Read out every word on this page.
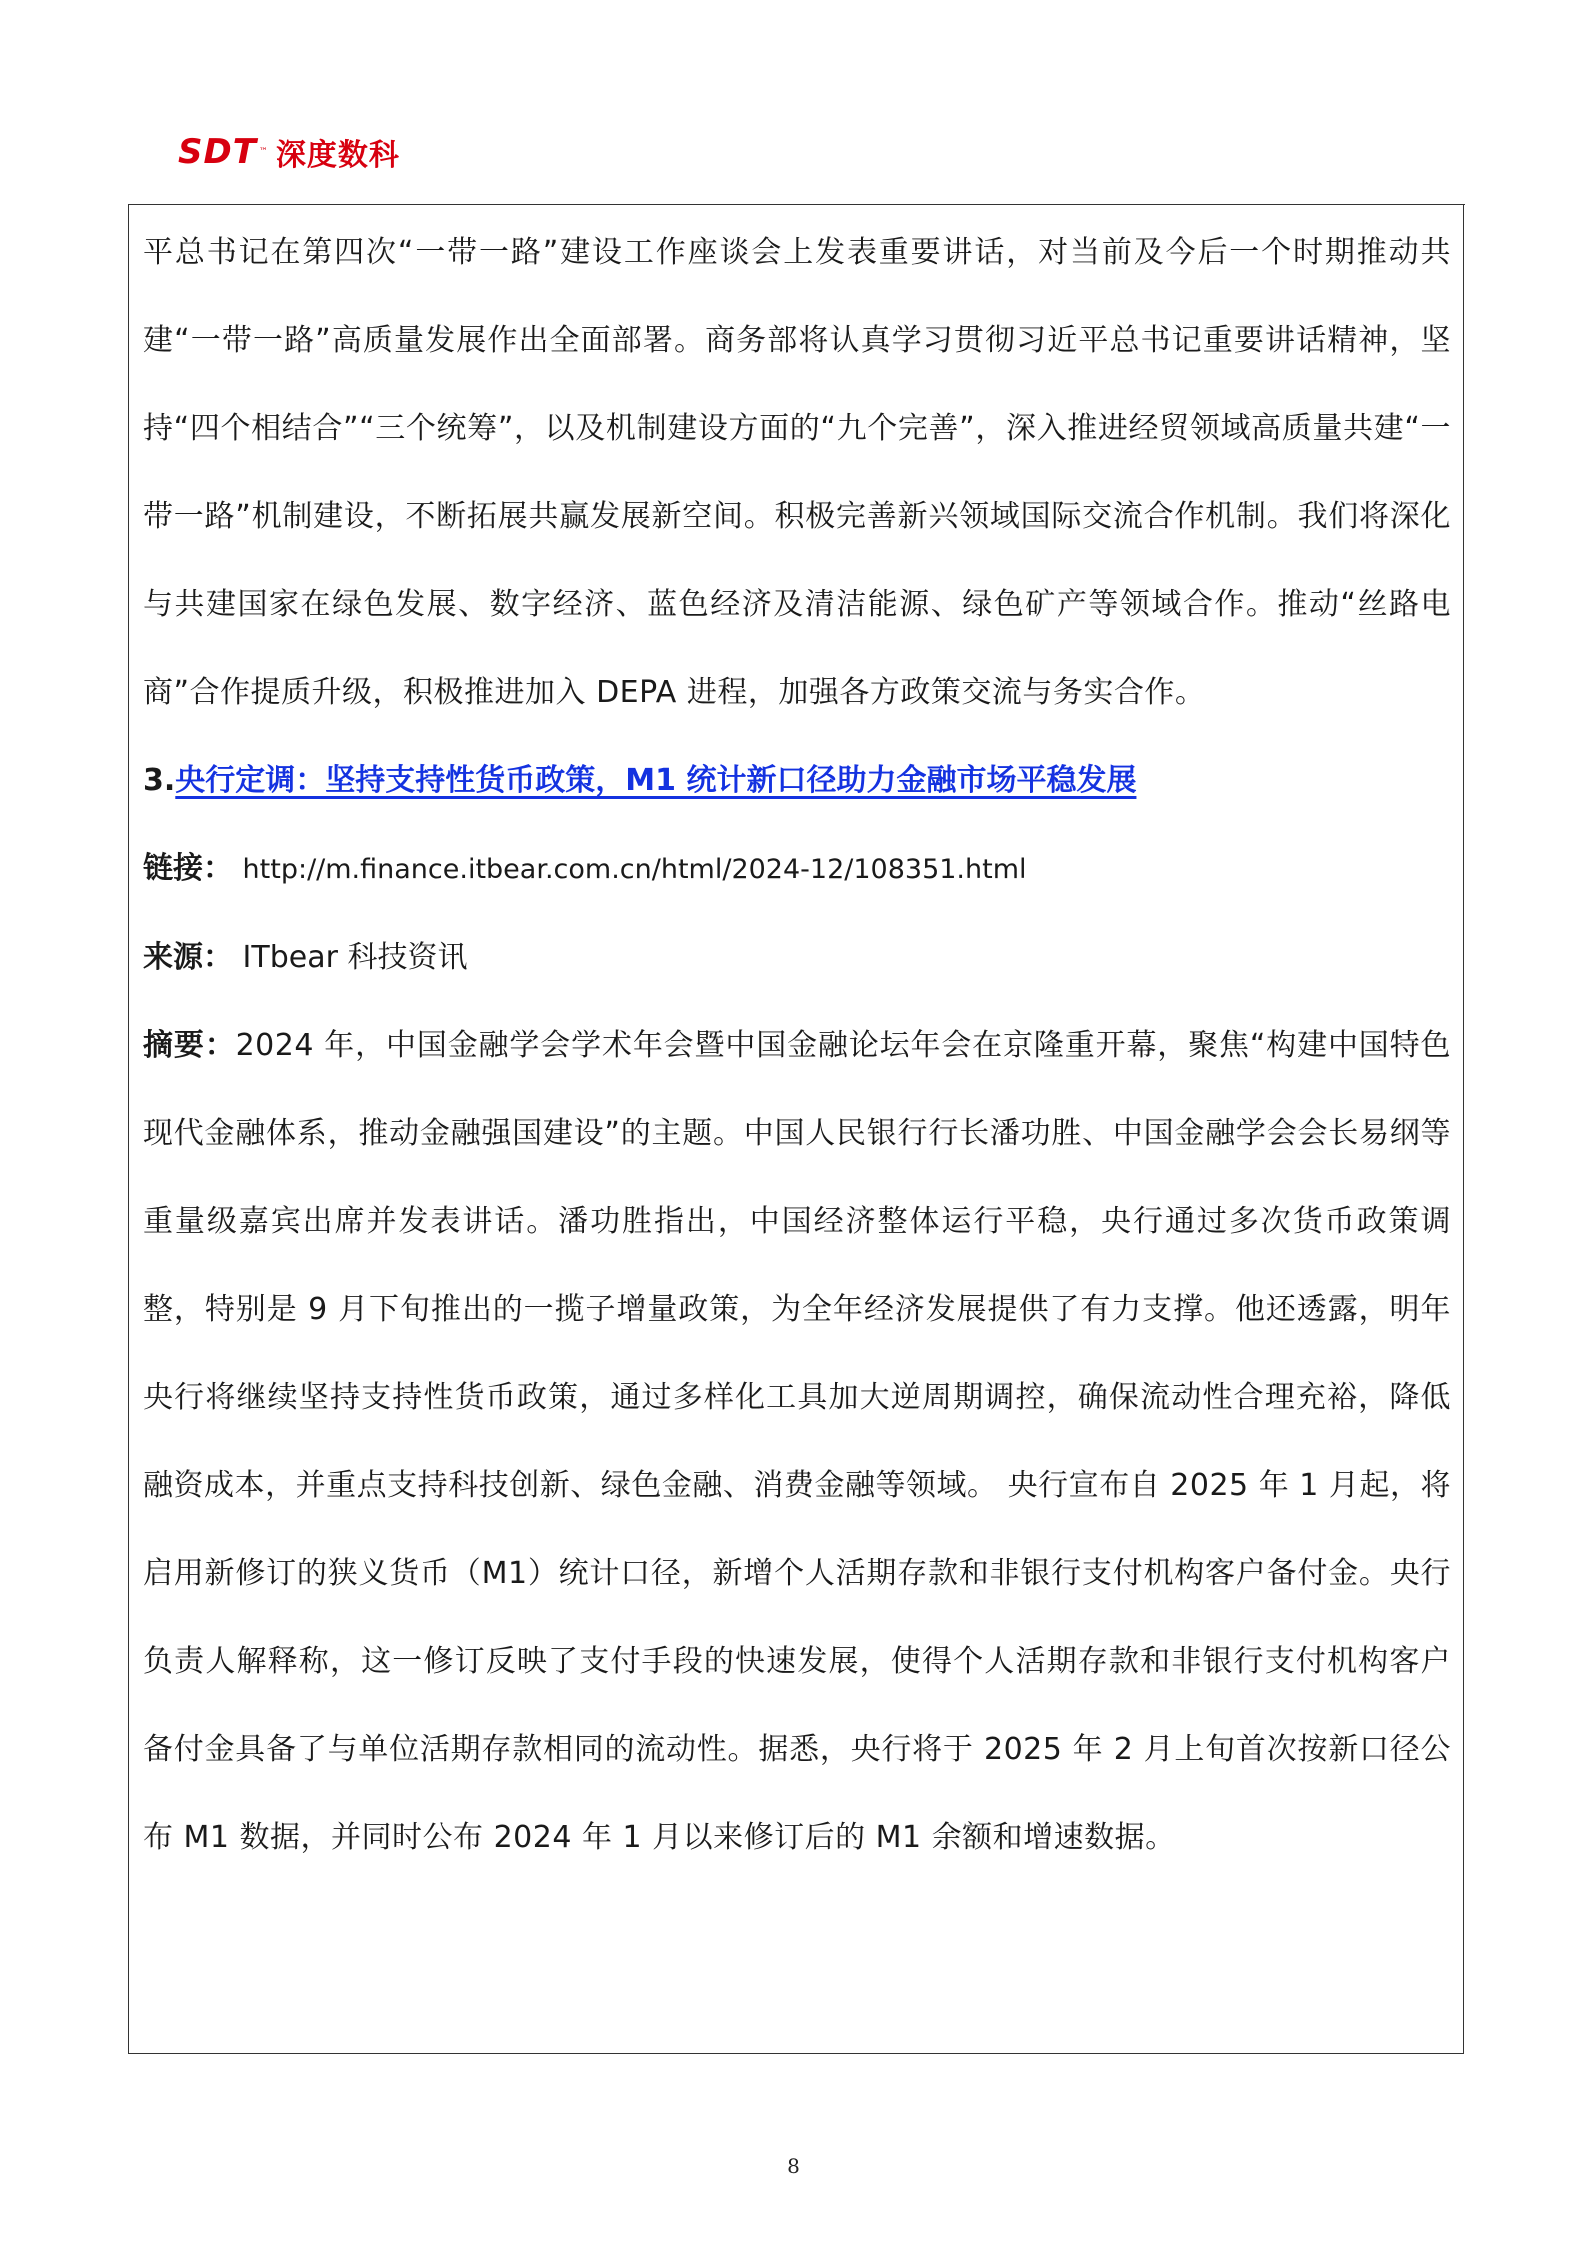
SDT ™ 深度数科

平总书记在第四次“一带一路”建设工作座谈会上发表重要讲话，对当前及今后一个时期推动共建“一带一路”高质量发展作出全面部署。商务部将认真学习贯彻习近平总书记重要讲话精神，坚持“四个相结合”“三个统筹”，以及机制建设方面的“九个完善”，深入推进经贸领域高质量共建“一带一路”机制建设，不断拓展共赢发展新空间。积极完善新兴领域国际交流合作机制。我们将深化与共建国家在绿色发展、数字经济、蓝色经济及清洁能源、绿色矿产等领域合作。推动“丝路电商”合作提质升级，积极推进加入 DEPA 进程，加强各方政策交流与务实合作。

3.央行定调：坚持支持性货币政策，M1 统计新口径助力金融市场平稳发展

链接： http://m.finance.itbear.com.cn/html/2024-12/108351.html

来源： ITbear 科技资讯

摘要：2024 年，中国金融学会学术年会暨中国金融论坛年会在京隆重开幕，聚焦“构建中国特色现代金融体系，推动金融强国建设”的主题。中国人民银行行长潘功胜、中国金融学会会长易纲等重量级嘉宾出席并发表讲话。潘功胜指出，中国经济整体运行平稳，央行通过多次货币政策调整，特别是 9 月下旬推出的一揽子增量政策，为全年经济发展提供了有力支撑。他还透露，明年央行将继续坚持支持性货币政策，通过多样化工具加大逆周期调控，确保流动性合理充裕，降低融资成本，并重点支持科技创新、绿色金融、消费金融等领域。 央行宣布自 2025 年 1 月起，将启用新修订的狭义货币（M1）统计口径，新增个人活期存款和非银行支付机构客户备付金。央行负责人解释称，这一修订反映了支付手段的快速发展，使得个人活期存款和非银行支付机构客户备付金具备了与单位活期存款相同的流动性。据悉，央行将于 2025 年 2 月上旬首次按新口径公布 M1 数据，并同时公布 2024 年 1 月以来修订后的 M1 余额和增速数据。

8
